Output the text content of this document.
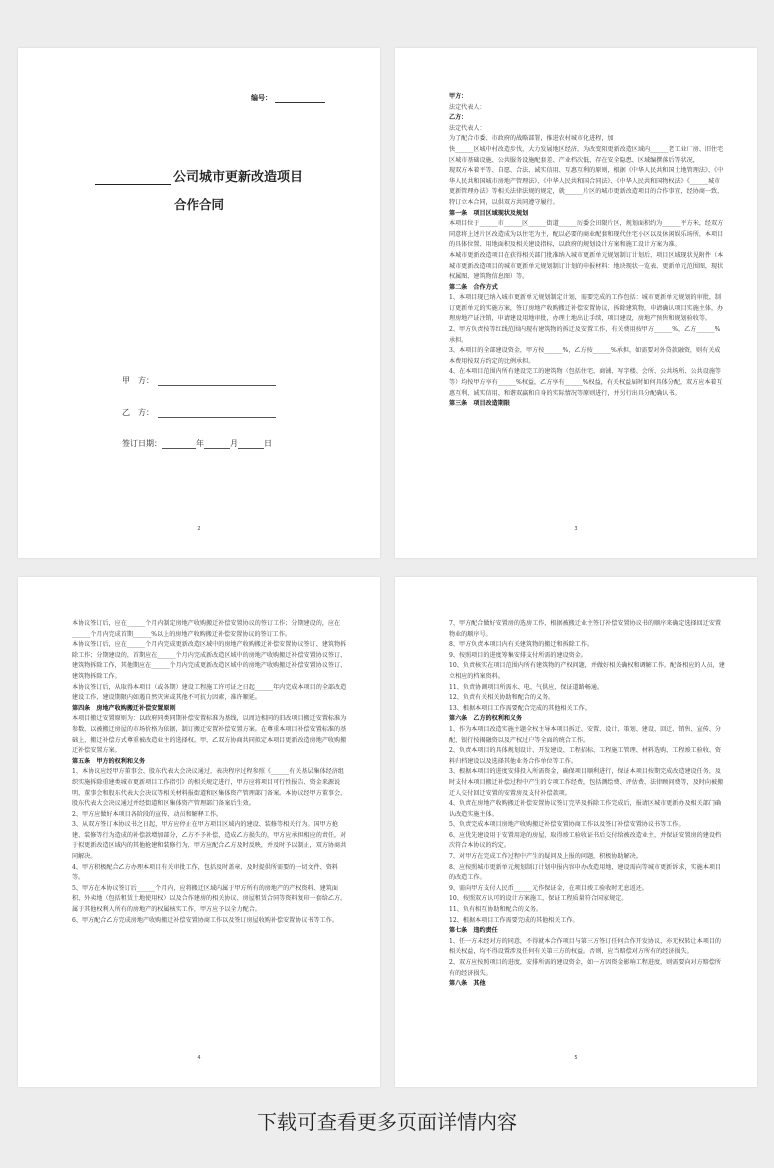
编号：
公司城市更新改造项目
合作合同
甲　方：
乙　方：
签订日期：	年	月	日
2

甲方：

法定代表人：

乙方：

法定代表人：

为了配合市委、市政府的战略部署，推进农村城市化进程，加
快______区城中村改造步伐，大力发展地区经济，为改变阻更新改造区域内______老工业厂房、旧住宅区城市基础设施、公共服务设施配套差、产业档次低、存在安全隐患、区域编撰落后等状况，
现双方本着平等、自愿、合法、诚实信用、互惠互利的原则，根据《中华人民共和国土地管理法》、《中华人民共和国城市房地产管理法》、《中华人民共和国合同法》、《中华人民共和国物权法》《______城市更新管理办法》等相关法律法规的规定，就______片区的城市更新改造项目的合作事宜，经协商一致，特订立本合同，以供双方共同遵守履行。

第一条　项目区域现状及规划

本项目位于______市______区______街道______厉委会田限片区，规划面积约为______平方米，经双方同意将上述片区改造成为以住宅为主，配以必要的商业配套和现代住宅小区以及休闲娱乐场所，本项目的具体位置、用地面积及相关建设指标，以政府的规划设计方案和施工设计方案为准。
本城市更新改造项目在获得相关部门批准纳入城市更新单元规划制订计划后，项目区域现状见附件（本城市更新改造项目的城市更新单元规划制订计划的申报材料：地块现状一览表、更新单元范围图，现状权属图、建筑物信息图）等。

第二条　合作方式

1、本项目现已纳入城市更新单元规划制定计划，需要完成的工作包括：城市更新单元规划的审批，制订更新单元的实施方案，签订房地产收购搬迁补偿安置协议，拆除建筑物，申请确认项目实施主体，办理房地产证注销，申请建设用地审批，办理土地出让手续，项目建设，房地产预售和规划验收等。
2、甲方负责按等红线范围内现有建筑物的拆迁及安置工作，有关费用按甲方______%，乙方______%承担。
3、本项目的全部建设资金，甲方按______%，乙方按______%承担，如需要对外贷款融资，则有关成本费用按双方约定的比例承担。
4、在本项目范围内所有建设完工的建筑物（包括住宅、商铺、写字楼、会所、公共场所、公共设施等等）均按甲方享有______%权益，乙方享有______%权益，有关权益届时如何具体分配，双方应本着互惠互利、诚实信用、和谐双赢和自身的实际情况等原则进行，并另行出具分配确认书。

第三条　项目改造期限

3

本协议签订后，应在______个月内制定房地产收购搬迁补偿安置协议的签订工作；分期建设的，应在______个月内完成首期______%以上的房地产收购搬迁补偿安置协议的签订工作。
本协议签订后，应在______个月内完成更新改造区域中的房地产收购搬迁补偿安置协议签订、建筑物拆除工作；分期建设的，首期应在______个月内完成新改造区域中的房地产收购搬迁补偿安置协议签订、建筑物拆除工作，其他期应在______个月内完成更新改造区域中的房地产收购搬迁补偿安置协议签订、建筑物拆除工作。
本协议签订后，从取得本项目（或各期）建设工程施工许可证之日起______年内完成本项目的全部改造建设工作，建设期限内如遇自然灾害或其他不可抗力因素，准许顺延。

第四条　房地产收购搬迁补偿安置原则

本项目搬迁安置原则为：以政府同类同期补偿安置标准为基线，以周边相同的旧改项目搬迁安置标准为参数，以被搬迁房屋的市场价格为依据，制订搬迁安置补偿安置方案。在尊重本项目补偿安置标准的基础上，搬迁补偿方式尊重被改造业主的选择权。甲、乙双方协商共同拟定本项目更新改造房地产收购搬迁补偿安置方案。

第五条　甲方的权利和义务

1、本协议应经甲方董事会、股东代表大会决议通过，表决程序过程参照《______有关基层集体经济组织实施拆除重建类城市更新项目工作指引》的相关规定进行，甲方应将项目可行性报告、资金来源说明、董事会和股东代表大会决议等相关材料报街道和区集体资产管理部门备案。本协议经甲方董事会、股东代表大会决议通过并经街道和区集体资产管理部门备案后生效。
2、甲方应做好本项目各阶段的宣传、动员和解释工作。
3、从双方签订本协议书之日起，甲方应停止在甲方项目区域内的建设、装修等相关行为。国甲方抢建、装修等行为造成的补偿款增加部分，乙方不予补偿，造成乙方损失的，甲方应承担相应的责任，对于拟更新改造区域内的其他抢建和装修行为，甲方应配合乙方及时反映，并及时予以制止，双方协商共同解决。
4、甲方积极配合乙方办理本项目有关审批工作，包括及时盖章、及时提供所需要的一切文件、资料等。
5、甲方在本协议签订后______个月内，应将搬迁区域内属于甲方所有的房地产的产权资料、建筑面积、外卖地（包括租赁土地使用权）以及合作建房的相关协议、房屋租赁合同等资料复印一套给乙方。属于其他权利人所有的房地产的权属核实工作，甲方应予以全力配合。
6、甲方配合乙方完成房地产收购搬迁补偿安置协商工作以及签订房屋收购补偿安置协议书等工作。

4

7、甲方配合做好安置房的选房工作，根据被搬迁业主签订补偿安置协议书的顺序来确定选择回迁安置物业的顺序号。
8、甲方负责本项目内有关建筑物的搬迁和拆除工作。
9、按照项目的进度筹集安排支付所需的建设资金。
10、负责核实在项目范围内所有建筑物的产权问题，并做好相关确权和调解工作，配备相应的人员，建立相应的档案资料。
11、负责协调项目所需水、电、气供应，保证道路畅通。
12、负责有关相关协助和配合的义务。
13、根据本项目工作需要配合完成的其他相关工作。

第六条　乙方的权利和义务

1、作为本项目改造实施主题全权主导本项目拆迁、安置、设计、策划、建设、回迁、销售、宣传、分配、银行按揭融资以及产权过户等全面的统合工作。
2、负责本项目的具体规划设计、开发建设、工程招标、工程施工管理、材料选购、工程竣工验收、资料归档建设以及选择其他业务合作单位等工作。
3、根据本项目的进度安排投入所需资金，确保项目顺利进行，保证本项目按期完成改造建设任务，及时支付本项目搬迁补偿过程中产生的专项工作经费，包括测绘费、评估费、法律顾问费等，及时向被搬迁人交付回迁安置的安置房及支付补偿款项。
4、负责在房地产收购搬迁补偿安置协议签订完毕及拆除工作完成后，报请区城市更新办及相关部门确认改造实施主体。
5、负责完成本项目房地产收购搬迁补偿安置协商工作以及签订补偿安置协议书等工作。
6、应优先建设用于安置用途的房屋，取得竣工验收证书后交付给被改造业主，并保证安置房的建设档次符合本协议的约定。
7、对甲方在完成工作过程中产生的疑问及上报的问题，积极协助解决。
8、应按照城市更新单元规划制订计划申报内容申办改造用地，建设需向等城市更新诉求，实施本项目的改造工作。
9、需向甲方支付人民币______元作保证金，在项目竣工验收时无息返还。
10、按照双方认可的设计方案施工，保证工程质量符合国家规定。
11、负有相互协助和配合的义务。
12、根据本项目工作需要完成的其他相关工作。

第七条　违约责任

1、任一方未经对方的同意，不得就本合作项目与第三方签订任何合作开发协议，亦无权转让本项目的相关权益，均不得设置涉及任何有关第三方的权益。否则，应当赔偿对方所有的经济损失。
2、双方应按照项目的进度，安排所需的建设资金，如一方因资金影响工程进度，则需要向对方赔偿所有的经济损失。

第八条　其他

5
下载可查看更多页面详情内容
